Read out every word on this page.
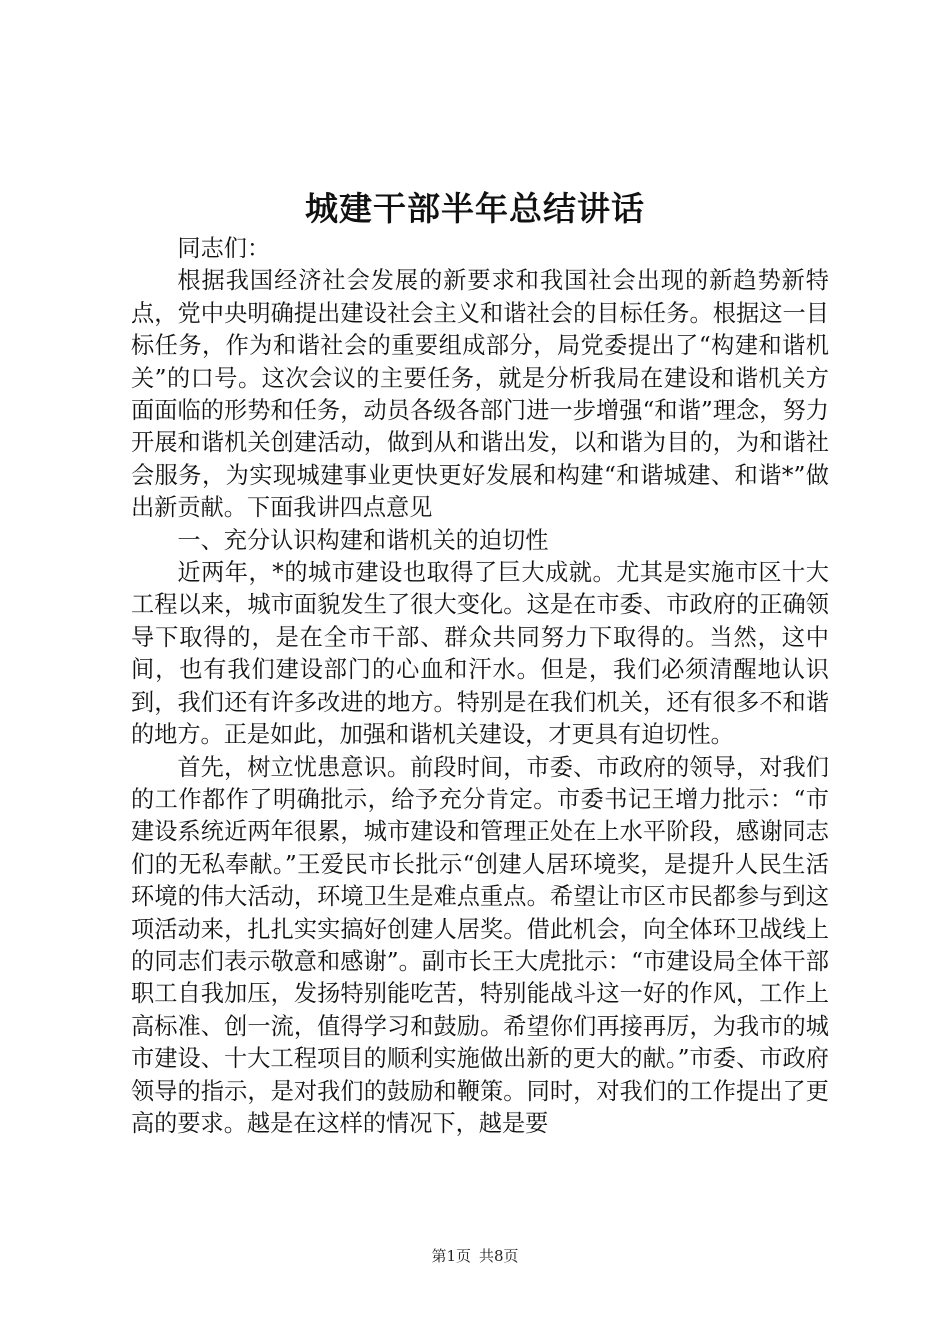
城建干部半年总结讲话

同志们：

根据我国经济社会发展的新要求和我国社会出现的新趋势新特点，党中央明确提出建设社会主义和谐社会的目标任务。根据这一目标任务，作为和谐社会的重要组成部分，局党委提出了“构建和谐机关”的口号。这次会议的主要任务，就是分析我局在建设和谐机关方面面临的形势和任务，动员各级各部门进一步增强“和谐”理念，努力开展和谐机关创建活动，做到从和谐出发，以和谐为目的，为和谐社会服务，为实现城建事业更快更好发展和构建“和谐城建、和谐*”做出新贡献。下面我讲四点意见

一、充分认识构建和谐机关的迫切性

近两年，*的城市建设也取得了巨大成就。尤其是实施市区十大工程以来，城市面貌发生了很大变化。这是在市委、市政府的正确领导下取得的，是在全市干部、群众共同努力下取得的。当然，这中间，也有我们建设部门的心血和汗水。但是，我们必须清醒地认识到，我们还有许多改进的地方。特别是在我们机关，还有很多不和谐的地方。正是如此，加强和谐机关建设，才更具有迫切性。

首先，树立忧患意识。前段时间，市委、市政府的领导，对我们的工作都作了明确批示，给予充分肯定。市委书记王增力批示：“市建设系统近两年很累，城市建设和管理正处在上水平阶段，感谢同志们的无私奉献。”王爱民市长批示“创建人居环境奖，是提升人民生活环境的伟大活动，环境卫生是难点重点。希望让市区市民都参与到这项活动来，扎扎实实搞好创建人居奖。借此机会，向全体环卫战线上的同志们表示敬意和感谢”。副市长王大虎批示：“市建设局全体干部职工自我加压，发扬特别能吃苦，特别能战斗这一好的作风，工作上高标准、创一流，值得学习和鼓励。希望你们再接再厉，为我市的城市建设、十大工程项目的顺利实施做出新的更大的献。”市委、市政府领导的指示，是对我们的鼓励和鞭策。同时，对我们的工作提出了更高的要求。越是在这样的情况下，越是要

第1页 共8页
